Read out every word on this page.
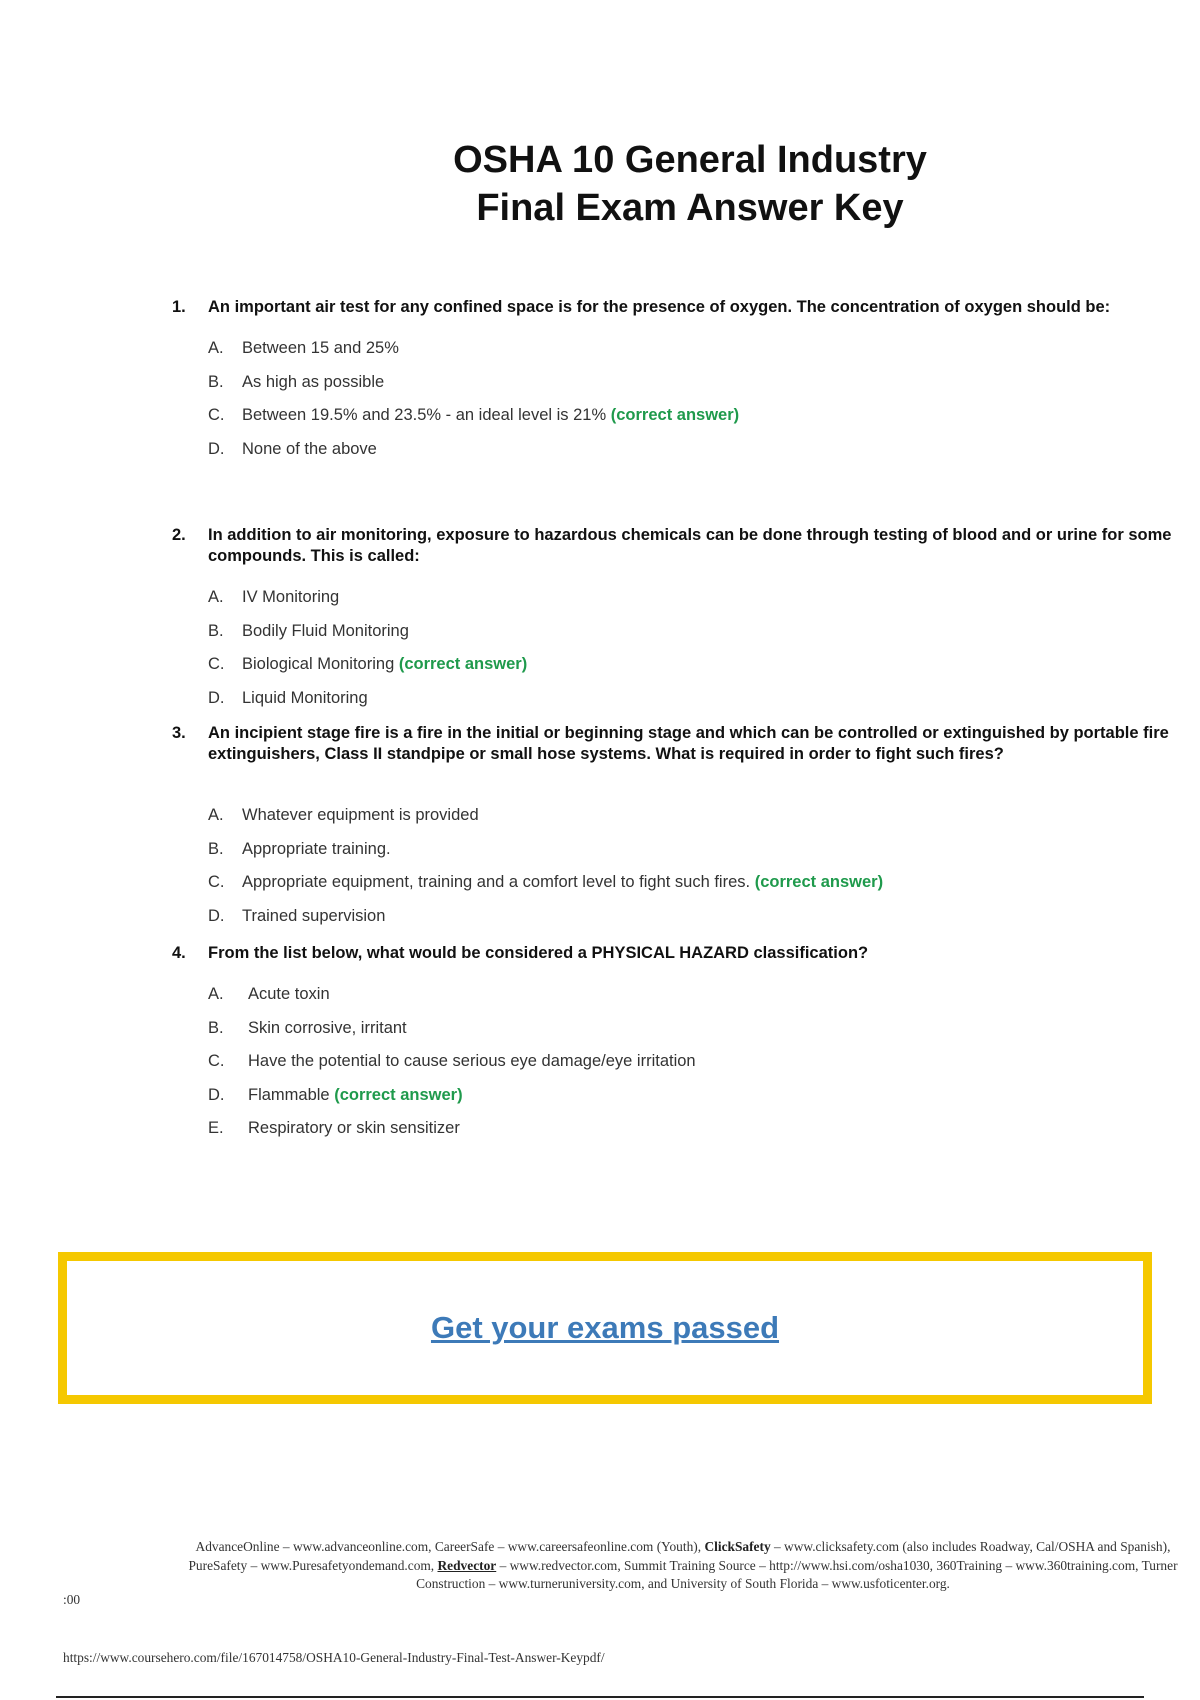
OSHA 10 General Industry
Final Exam Answer Key
1. An important air test for any confined space is for the presence of oxygen. The concentration of oxygen should be:
A. Between 15 and 25%
B. As high as possible
C. Between 19.5% and 23.5% - an ideal level is 21% (correct answer)
D. None of the above
2. In addition to air monitoring, exposure to hazardous chemicals can be done through testing of blood and or urine for some compounds. This is called:
A. IV Monitoring
B. Bodily Fluid Monitoring
C. Biological Monitoring (correct answer)
D. Liquid Monitoring
3. An incipient stage fire is a fire in the initial or beginning stage and which can be controlled or extinguished by portable fire extinguishers, Class II standpipe or small hose systems. What is required in order to fight such fires?
A. Whatever equipment is provided
B. Appropriate training.
C. Appropriate equipment, training and a comfort level to fight such fires. (correct answer)
D. Trained supervision
4. From the list below, what would be considered a PHYSICAL HAZARD classification?
A. Acute toxin
B. Skin corrosive, irritant
C. Have the potential to cause serious eye damage/eye irritation
D. Flammable (correct answer)
E. Respiratory or skin sensitizer
Get your exams passed
AdvanceOnline – www.advanceonline.com, CareerSafe – www.careersafeonline.com (Youth), ClickSafety – www.clicksafety.com (also includes Roadway, Cal/OSHA and Spanish), PureSafety – www.Puresafetyondemand.com, Redvector – www.redvector.com, Summit Training Source – http://www.hsi.com/osha1030, 360Training – www.360training.com, Turner Construction – www.turneruniversity.com, and University of South Florida – www.usfoticenter.org.
:00
https://www.coursehero.com/file/167014758/OSHA10-General-Industry-Final-Test-Answer-Keypdf/
